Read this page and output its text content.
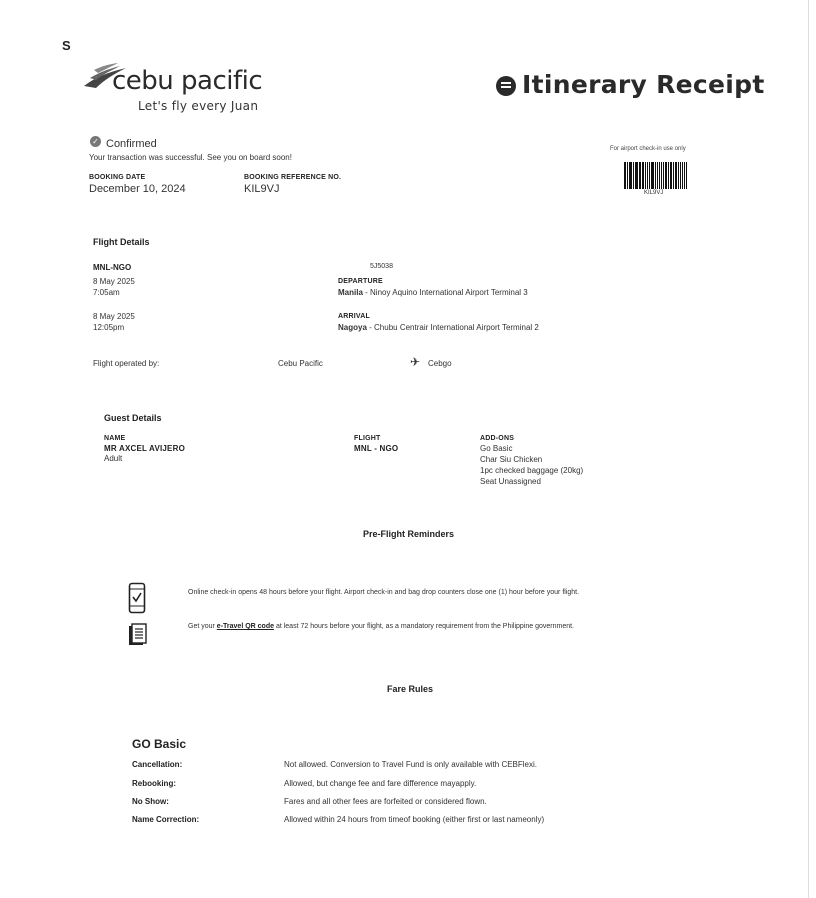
S
cebu pacific
Let's fly every Juan
Itinerary Receipt
✓ Confirmed
Your transaction was successful. See you on board soon!
BOOKING DATE
December 10, 2024
BOOKING REFERENCE NO.
KIL9VJ
For airport check-in use only
KIL9VJ
Flight Details
MNL-NGO	5J5038
8 May 2025
7:05am
DEPARTURE
Manila - Ninoy Aquino International Airport Terminal 3
8 May 2025
12:05pm
ARRIVAL
Nagoya - Chubu Centrair International Airport Terminal 2
Flight operated by:	Cebu Pacific	✈ Cebgo
Guest Details
NAME
MR AXCEL AVIJERO
Adult
FLIGHT
MNL - NGO
ADD-ONS
Go Basic
Char Siu Chicken
1pc checked baggage (20kg)
Seat Unassigned
Pre-Flight Reminders
Online check-in opens 48 hours before your flight. Airport check-in and bag drop counters close one (1) hour before your flight.
Get your e-Travel QR code at least 72 hours before your flight, as a mandatory requirement from the Philippine government.
Fare Rules
GO Basic
Cancellation:	Not allowed. Conversion to Travel Fund is only available with CEBFlexi.
Rebooking:	Allowed, but change fee and fare difference mayapply.
No Show:	Fares and all other fees are forfeited or considered flown.
Name Correction:	Allowed within 24 hours from timeof booking (either first or last nameonly)
